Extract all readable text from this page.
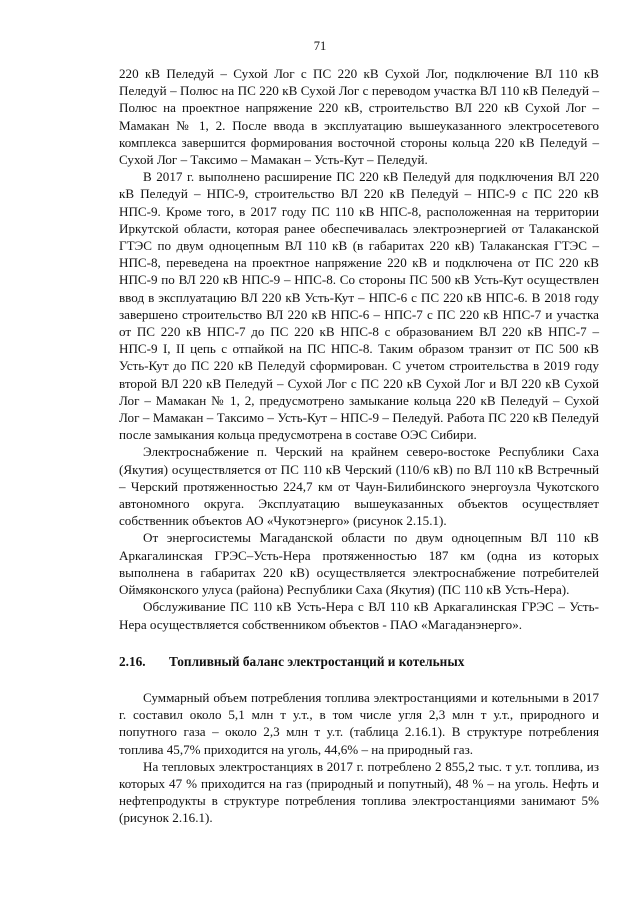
71

220 кВ Пеледуй – Сухой Лог с ПС 220 кВ Сухой Лог, подключение ВЛ 110 кВ Пеледуй – Полюс на ПС 220 кВ Сухой Лог с переводом участка ВЛ 110 кВ Пеледуй – Полюс на проектное напряжение 220 кВ, строительство ВЛ 220 кВ Сухой Лог – Мамакан № 1, 2. После ввода в эксплуатацию вышеуказанного электросетевого комплекса завершится формирования восточной стороны кольца 220 кВ Пеледуй – Сухой Лог – Таксимо – Мамакан – Усть-Кут – Пеледуй.

В 2017 г. выполнено расширение ПС 220 кВ Пеледуй для подключения ВЛ 220 кВ Пеледуй – НПС-9, строительство ВЛ 220 кВ Пеледуй – НПС-9 с ПС 220 кВ НПС-9. Кроме того, в 2017 году ПС 110 кВ НПС-8, расположенная на территории Иркутской области, которая ранее обеспечивалась электроэнергией от Талаканской ГТЭС по двум одноцепным ВЛ 110 кВ (в габаритах 220 кВ) Талаканская ГТЭС – НПС-8, переведена на проектное напряжение 220 кВ и подключена от ПС 220 кВ НПС-9 по ВЛ 220 кВ НПС-9 – НПС-8. Со стороны ПС 500 кВ Усть-Кут осуществлен ввод в эксплуатацию ВЛ 220 кВ Усть-Кут – НПС-6 с ПС 220 кВ НПС-6. В 2018 году завершено строительство ВЛ 220 кВ НПС-6 – НПС-7 с ПС 220 кВ НПС-7 и участка от ПС 220 кВ НПС-7 до ПС 220 кВ НПС-8 с образованием ВЛ 220 кВ НПС-7 – НПС-9 I, II цепь с отпайкой на ПС НПС-8. Таким образом транзит от ПС 500 кВ Усть-Кут до ПС 220 кВ Пеледуй сформирован. С учетом строительства в 2019 году второй ВЛ 220 кВ Пеледуй – Сухой Лог с ПС 220 кВ Сухой Лог и ВЛ 220 кВ Сухой Лог – Мамакан № 1, 2, предусмотрено замыкание кольца 220 кВ Пеледуй – Сухой Лог – Мамакан – Таксимо – Усть-Кут – НПС-9 – Пеледуй. Работа ПС 220 кВ Пеледуй после замыкания кольца предусмотрена в составе ОЭС Сибири.

Электроснабжение п. Черский на крайнем северо-востоке Республики Саха (Якутия) осуществляется от ПС 110 кВ Черский (110/6 кВ) по ВЛ 110 кВ Встречный – Черский протяженностью 224,7 км от Чаун-Билибинского энергоузла Чукотского автономного округа. Эксплуатацию вышеуказанных объектов осуществляет собственник объектов АО «Чукотэнерго» (рисунок 2.15.1).

От энергосистемы Магаданской области по двум одноцепным ВЛ 110 кВ Аркагалинская ГРЭС–Усть-Нера протяженностью 187 км (одна из которых выполнена в габаритах 220 кВ) осуществляется электроснабжение потребителей Оймяконского улуса (района) Республики Саха (Якутия) (ПС 110 кВ Усть-Нера).

Обслуживание ПС 110 кВ Усть-Нера с ВЛ 110 кВ Аркагалинская ГРЭС – Усть-Нера осуществляется собственником объектов - ПАО «Магаданэнерго».

2.16.	Топливный баланс электростанций и котельных

Суммарный объем потребления топлива электростанциями и котельными в 2017 г. составил около 5,1 млн т у.т., в том числе угля 2,3 млн т у.т., природного и попутного газа – около 2,3 млн т у.т. (таблица 2.16.1). В структуре потребления топлива 45,7% приходится на уголь, 44,6% – на природный газ.

На тепловых электростанциях в 2017 г. потреблено 2 855,2 тыс. т у.т. топлива, из которых 47 % приходится на газ (природный и попутный), 48 % – на уголь. Нефть и нефтепродукты в структуре потребления топлива электростанциями занимают 5% (рисунок 2.16.1).
